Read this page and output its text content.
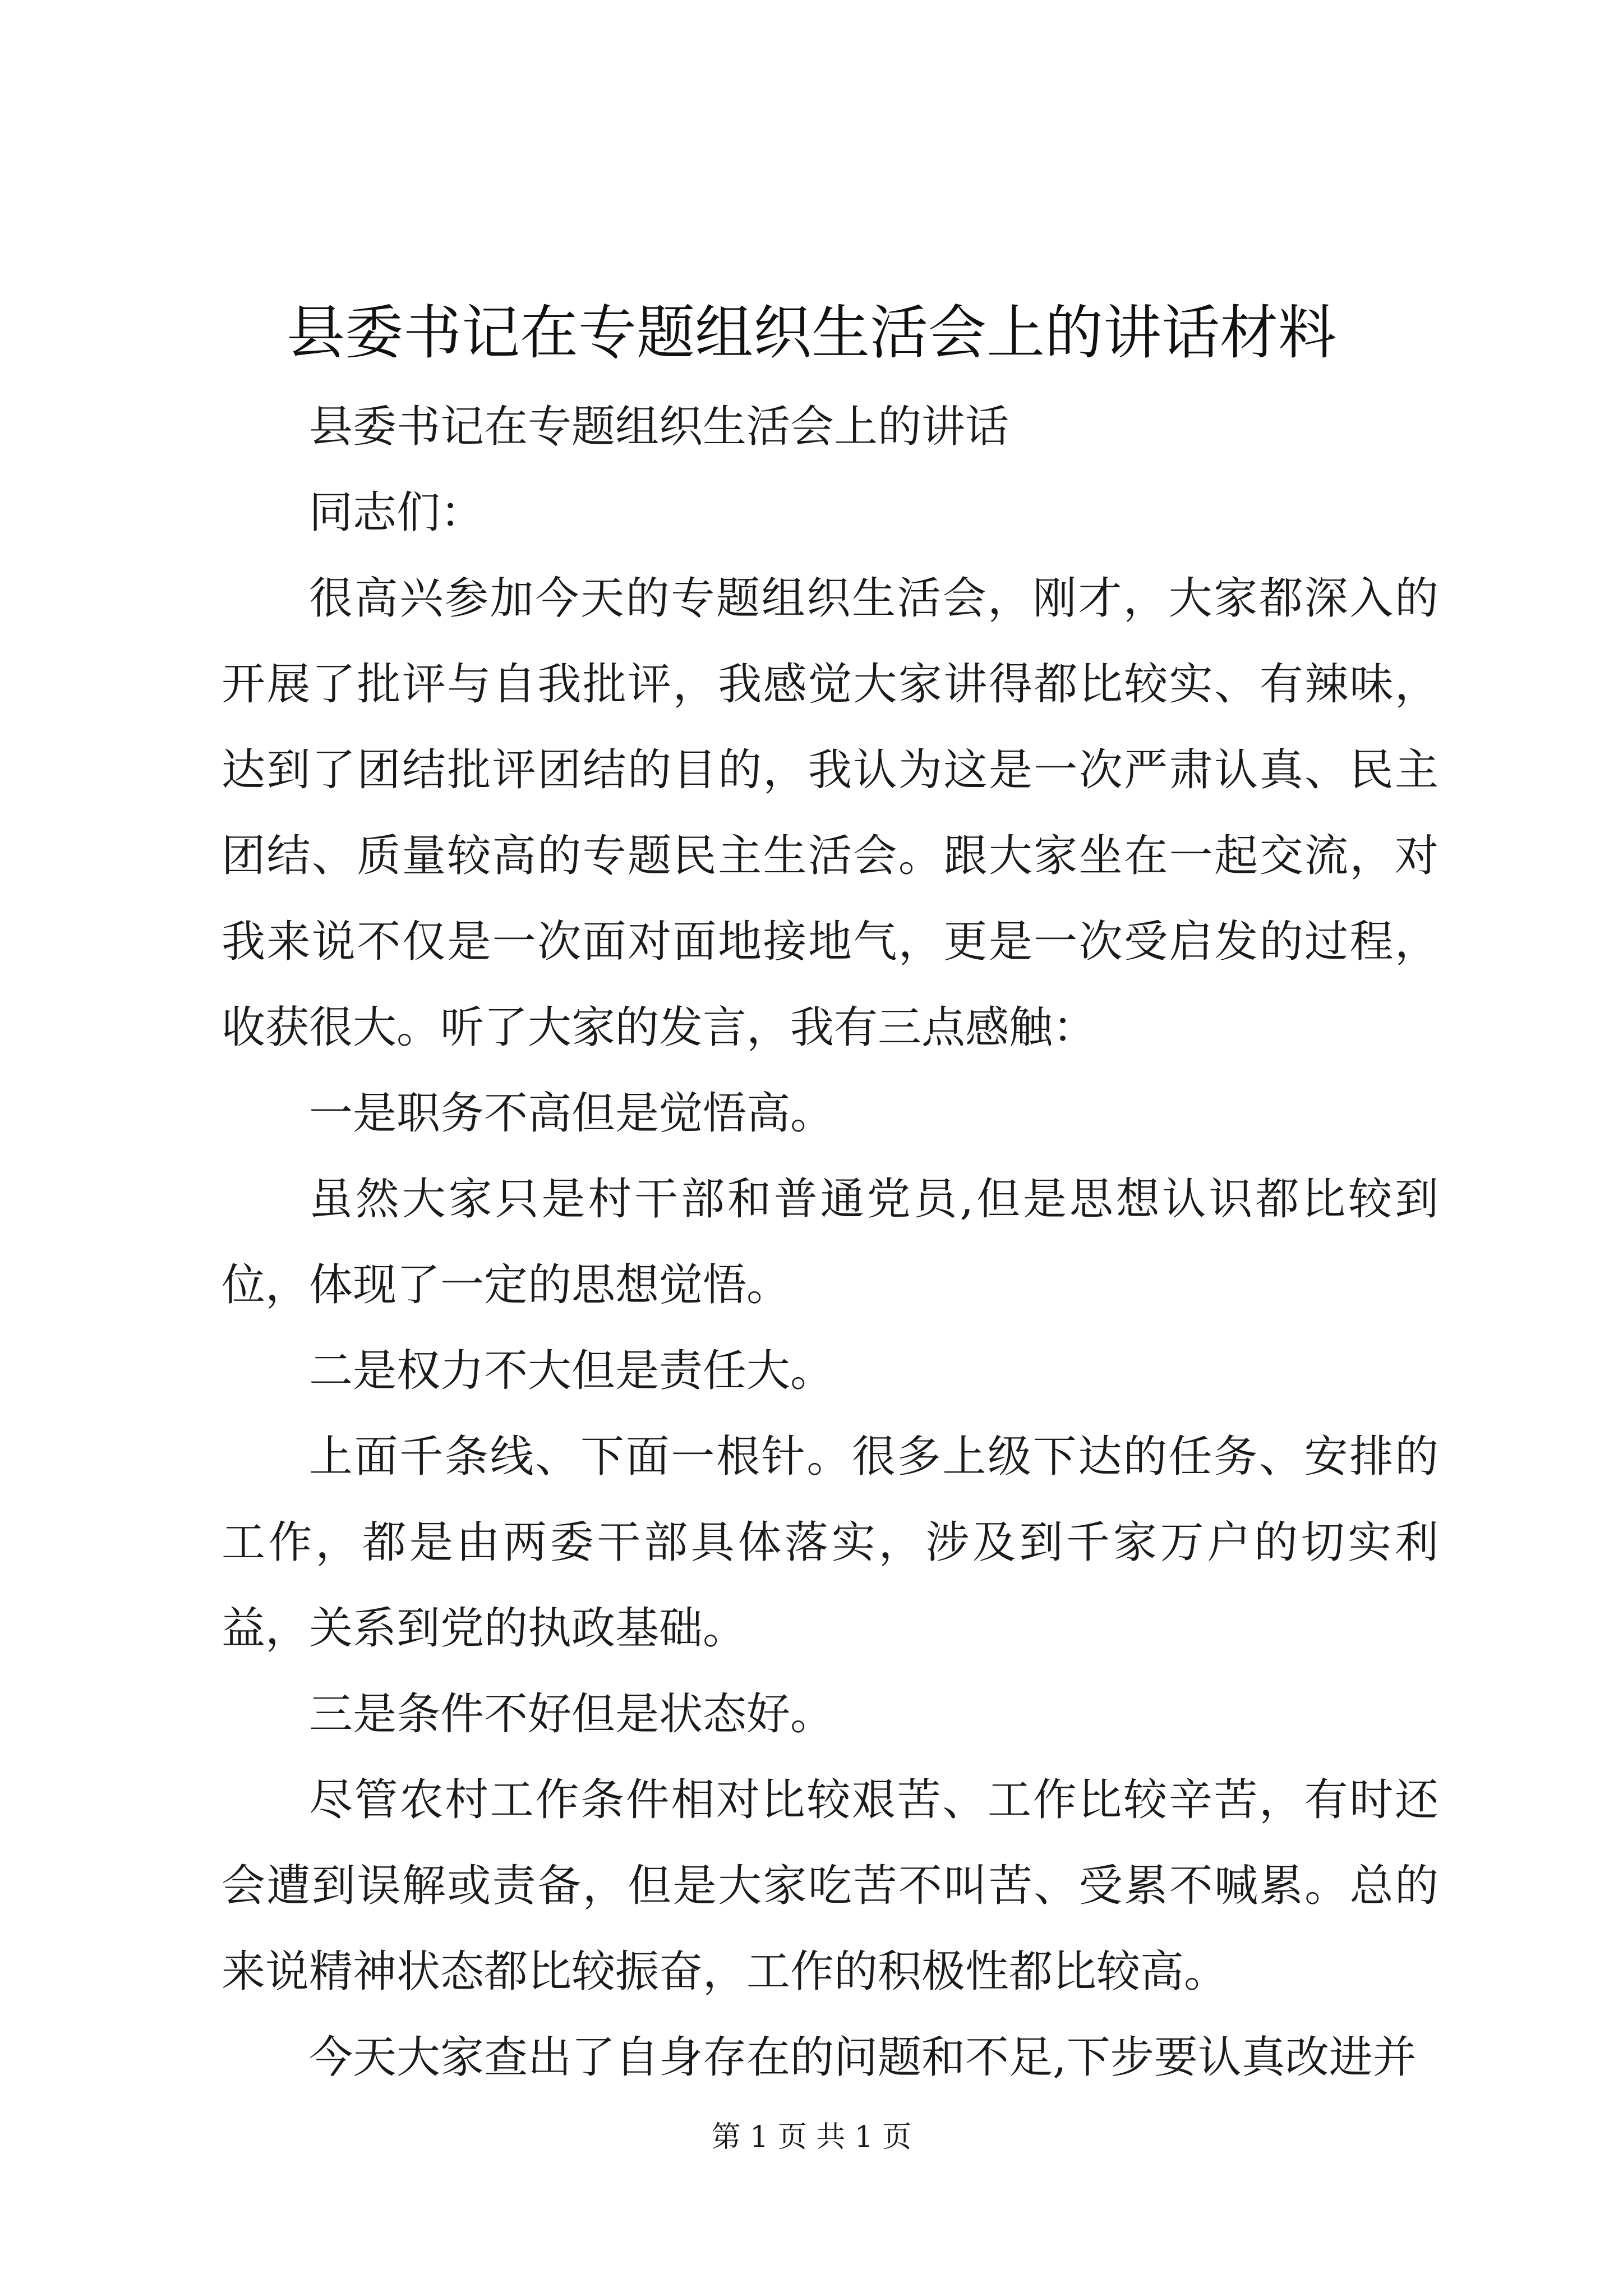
县委书记在专题组织生活会上的讲话材料

县委书记在专题组织生活会上的讲话

同志们：

很高兴参加今天的专题组织生活会，刚才，大家都深入的开展了批评与自我批评，我感觉大家讲得都比较实、有辣味，达到了团结批评团结的目的，我认为这是一次严肃认真、民主团结、质量较高的专题民主生活会。跟大家坐在一起交流，对我来说不仅是一次面对面地接地气，更是一次受启发的过程，收获很大。听了大家的发言，我有三点感触：

一是职务不高但是觉悟高。

虽然大家只是村干部和普通党员,但是思想认识都比较到位，体现了一定的思想觉悟。

二是权力不大但是责任大。

上面千条线、下面一根针。很多上级下达的任务、安排的工作，都是由两委干部具体落实，涉及到千家万户的切实利益，关系到党的执政基础。

三是条件不好但是状态好。

尽管农村工作条件相对比较艰苦、工作比较辛苦，有时还会遭到误解或责备，但是大家吃苦不叫苦、受累不喊累。总的来说精神状态都比较振奋，工作的积极性都比较高。

今天大家查出了自身存在的问题和不足,下步要认真改进并

第 1 页 共 1 页
